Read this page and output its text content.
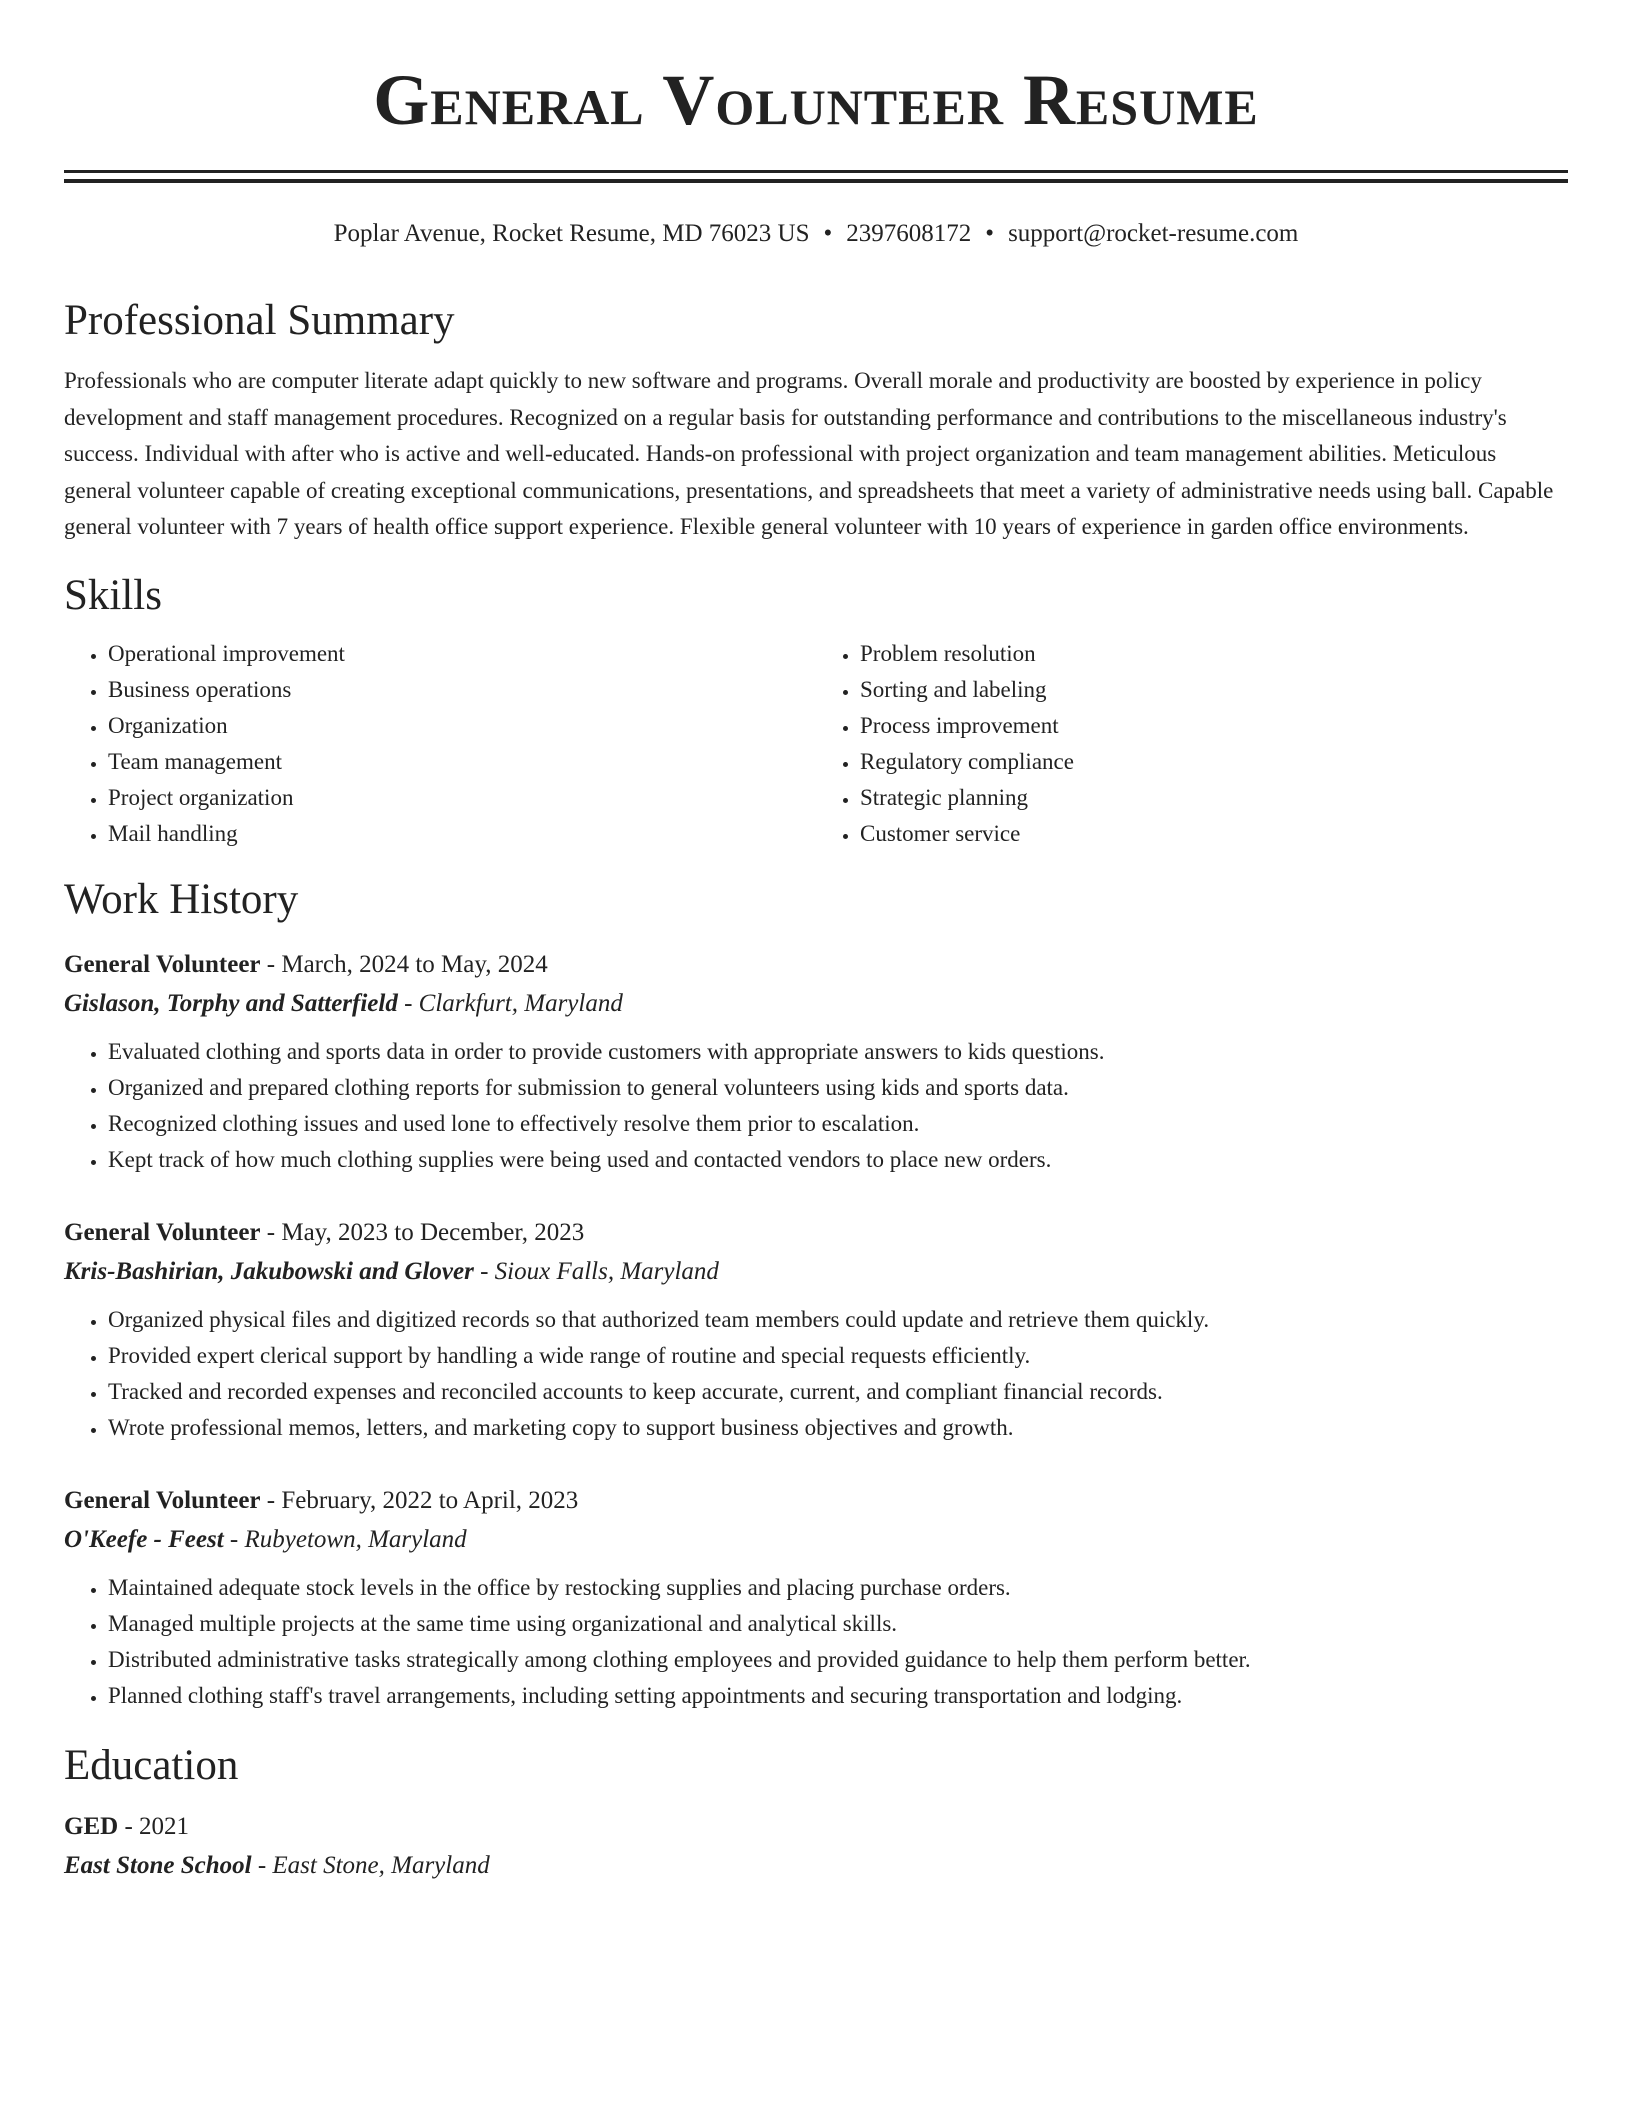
General Volunteer Resume
Poplar Avenue, Rocket Resume, MD 76023 US • 2397608172 • support@rocket-resume.com
Professional Summary

Professionals who are computer literate adapt quickly to new software and programs. Overall morale and productivity are boosted by experience in policy development and staff management procedures. Recognized on a regular basis for outstanding performance and contributions to the miscellaneous industry's success. Individual with after who is active and well-educated. Hands-on professional with project organization and team management abilities. Meticulous general volunteer capable of creating exceptional communications, presentations, and spreadsheets that meet a variety of administrative needs using ball. Capable general volunteer with 7 years of health office support experience. Flexible general volunteer with 10 years of experience in garden office environments.

Skills
• Operational improvement
• Business operations
• Organization
• Team management
• Project organization
• Mail handling
• Problem resolution
• Sorting and labeling
• Process improvement
• Regulatory compliance
• Strategic planning
• Customer service
Work History
General Volunteer - March, 2024 to May, 2024
Gislason, Torphy and Satterfield - Clarkfurt, Maryland
• Evaluated clothing and sports data in order to provide customers with appropriate answers to kids questions.
• Organized and prepared clothing reports for submission to general volunteers using kids and sports data.
• Recognized clothing issues and used lone to effectively resolve them prior to escalation.
• Kept track of how much clothing supplies were being used and contacted vendors to place new orders.
General Volunteer - May, 2023 to December, 2023
Kris-Bashirian, Jakubowski and Glover - Sioux Falls, Maryland
• Organized physical files and digitized records so that authorized team members could update and retrieve them quickly.
• Provided expert clerical support by handling a wide range of routine and special requests efficiently.
• Tracked and recorded expenses and reconciled accounts to keep accurate, current, and compliant financial records.
• Wrote professional memos, letters, and marketing copy to support business objectives and growth.
General Volunteer - February, 2022 to April, 2023
O'Keefe - Feest - Rubyetown, Maryland
• Maintained adequate stock levels in the office by restocking supplies and placing purchase orders.
• Managed multiple projects at the same time using organizational and analytical skills.
• Distributed administrative tasks strategically among clothing employees and provided guidance to help them perform better.
• Planned clothing staff's travel arrangements, including setting appointments and securing transportation and lodging.
Education
GED - 2021
East Stone School - East Stone, Maryland
